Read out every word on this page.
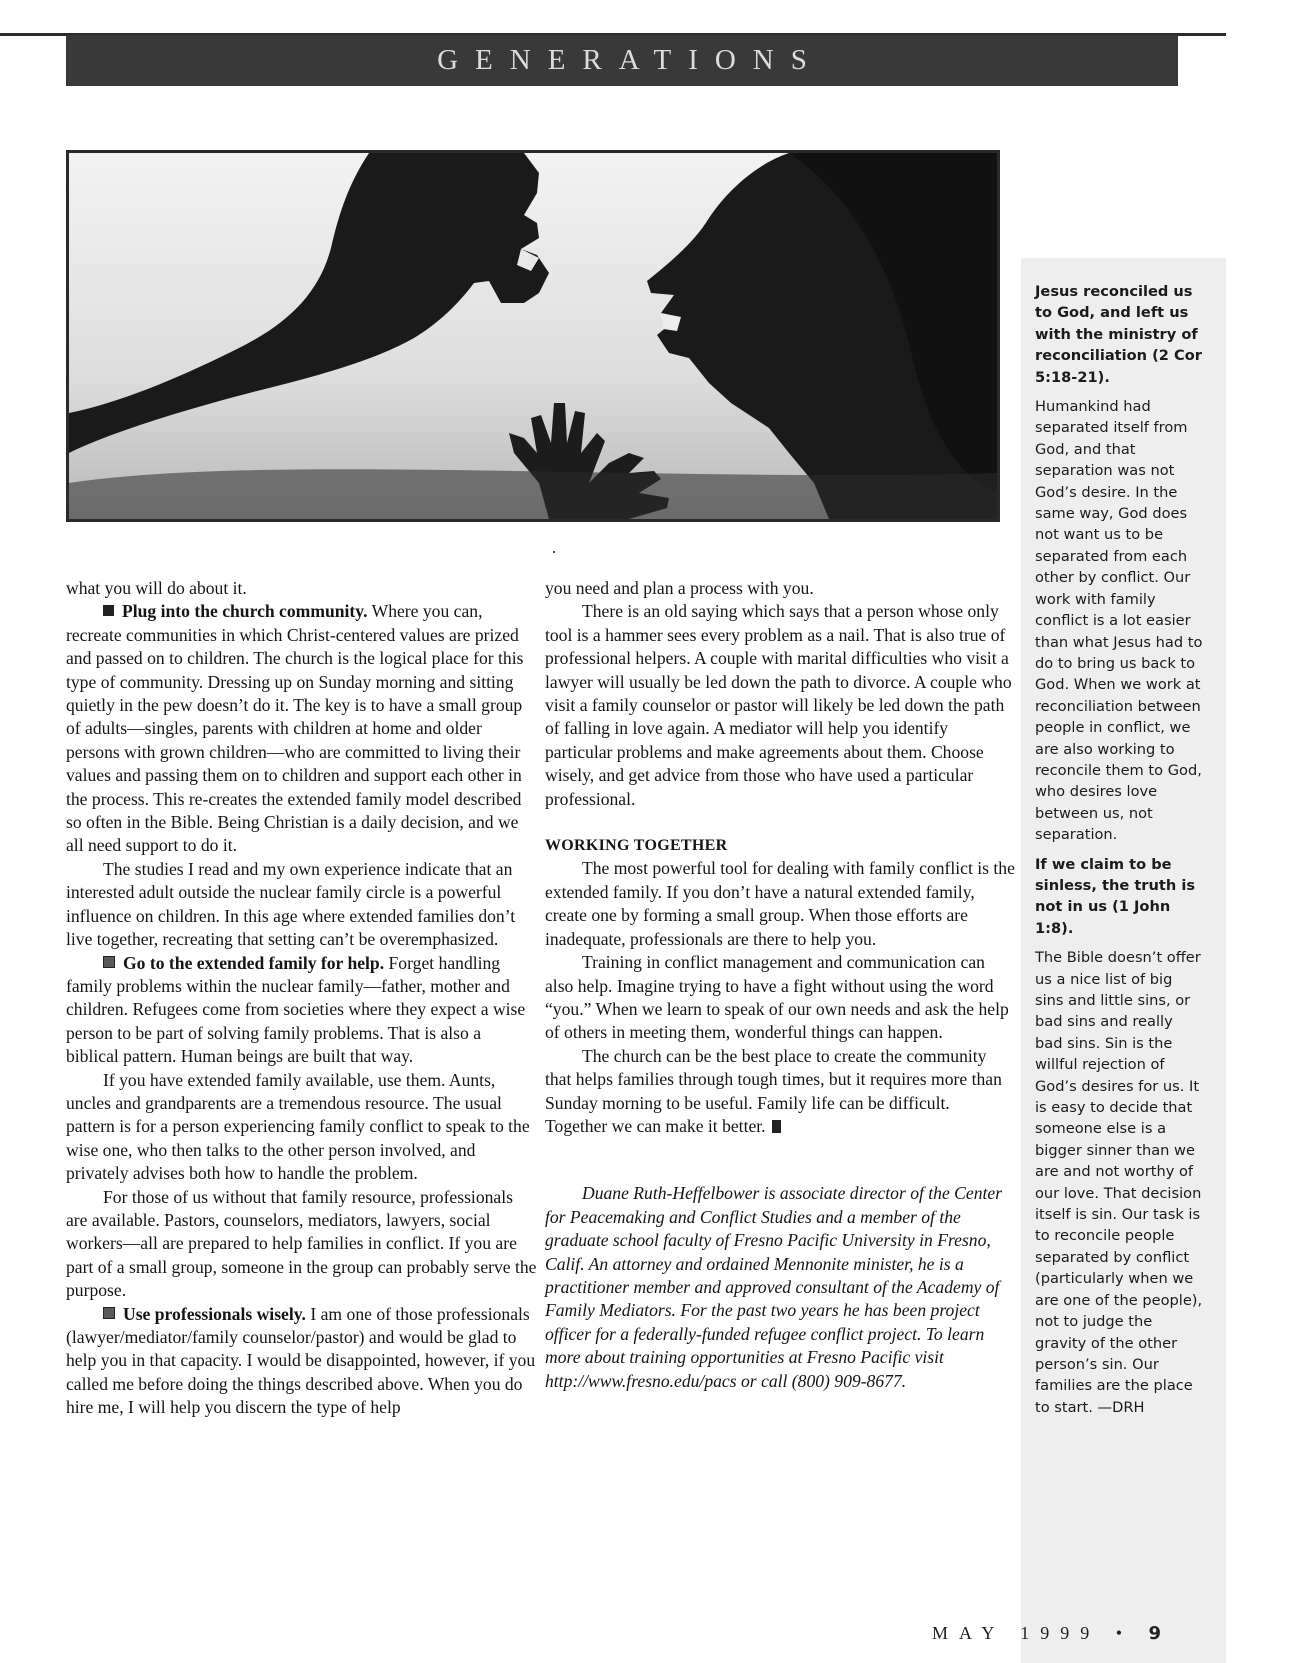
GENERATIONS

Jesus reconciled us to God, and left us with the ministry of reconciliation (2 Cor 5:18-21).

Humankind had separated itself from God, and that separation was not God’s desire. In the same way, God does not want us to be separated from each other by conflict. Our work with family conflict is a lot easier than what Jesus had to do to bring us back to God. When we work at reconciliation between people in conflict, we are also working to reconcile them to God, who desires love between us, not separation.

If we claim to be sinless, the truth is not in us (1 John 1:8).

The Bible doesn’t offer us a nice list of big sins and little sins, or bad sins and really bad sins. Sin is the willful rejection of God’s desires for us. It is easy to decide that someone else is a bigger sinner than we are and not worthy of our love. That decision itself is sin. Our task is to reconcile people separated by conflict (particularly when we are one of the people), not to judge the gravity of the other person’s sin. Our families are the place to start. —DRH

what you will do about it.

Plug into the church community. Where you can, recreate communities in which Christ-centered values are prized and passed on to children. The church is the logical place for this type of community. Dressing up on Sunday morning and sitting quietly in the pew doesn’t do it. The key is to have a small group of adults—singles, parents with children at home and older persons with grown children—who are committed to living their values and passing them on to children and support each other in the process. This re-creates the extended family model described so often in the Bible. Being Christian is a daily decision, and we all need support to do it.

The studies I read and my own experience indicate that an interested adult outside the nuclear family circle is a powerful influence on children. In this age where extended families don’t live together, recreating that setting can’t be overemphasized.

Go to the extended family for help. Forget handling family problems within the nuclear family—father, mother and children. Refugees come from societies where they expect a wise person to be part of solving family problems. That is also a biblical pattern. Human beings are built that way.

If you have extended family available, use them. Aunts, uncles and grandparents are a tremendous resource. The usual pattern is for a person experiencing family conflict to speak to the wise one, who then talks to the other person involved, and privately advises both how to handle the problem.

For those of us without that family resource, professionals are available. Pastors, counselors, mediators, lawyers, social workers—all are prepared to help families in conflict. If you are part of a small group, someone in the group can probably serve the purpose.

Use professionals wisely. I am one of those professionals (lawyer/mediator/family counselor/pastor) and would be glad to help you in that capacity. I would be disappointed, however, if you called me before doing the things described above. When you do hire me, I will help you discern the type of help

you need and plan a process with you.

There is an old saying which says that a person whose only tool is a hammer sees every problem as a nail. That is also true of professional helpers. A couple with marital difficulties who visit a lawyer will usually be led down the path to divorce. A couple who visit a family counselor or pastor will likely be led down the path of falling in love again. A mediator will help you identify particular problems and make agreements about them. Choose wisely, and get advice from those who have used a particular professional.

WORKING TOGETHER

The most powerful tool for dealing with family conflict is the extended family. If you don’t have a natural extended family, create one by forming a small group. When those efforts are inadequate, professionals are there to help you.

Training in conflict management and communication can also help. Imagine trying to have a fight without using the word “you.” When we learn to speak of our own needs and ask the help of others in meeting them, wonderful things can happen.

The church can be the best place to create the community that helps families through tough times, but it requires more than Sunday morning to be useful. Family life can be difficult. Together we can make it better.

Duane Ruth-Heffelbower is associate director of the Center for Peacemaking and Conflict Studies and a member of the graduate school faculty of Fresno Pacific University in Fresno, Calif. An attorney and ordained Mennonite minister, he is a practitioner member and approved consultant of the Academy of Family Mediators. For the past two years he has been project officer for a federally-funded refugee conflict project. To learn more about training opportunities at Fresno Pacific visit http://www.fresno.edu/pacs or call (800) 909-8677.

MAY 1999 • 9
